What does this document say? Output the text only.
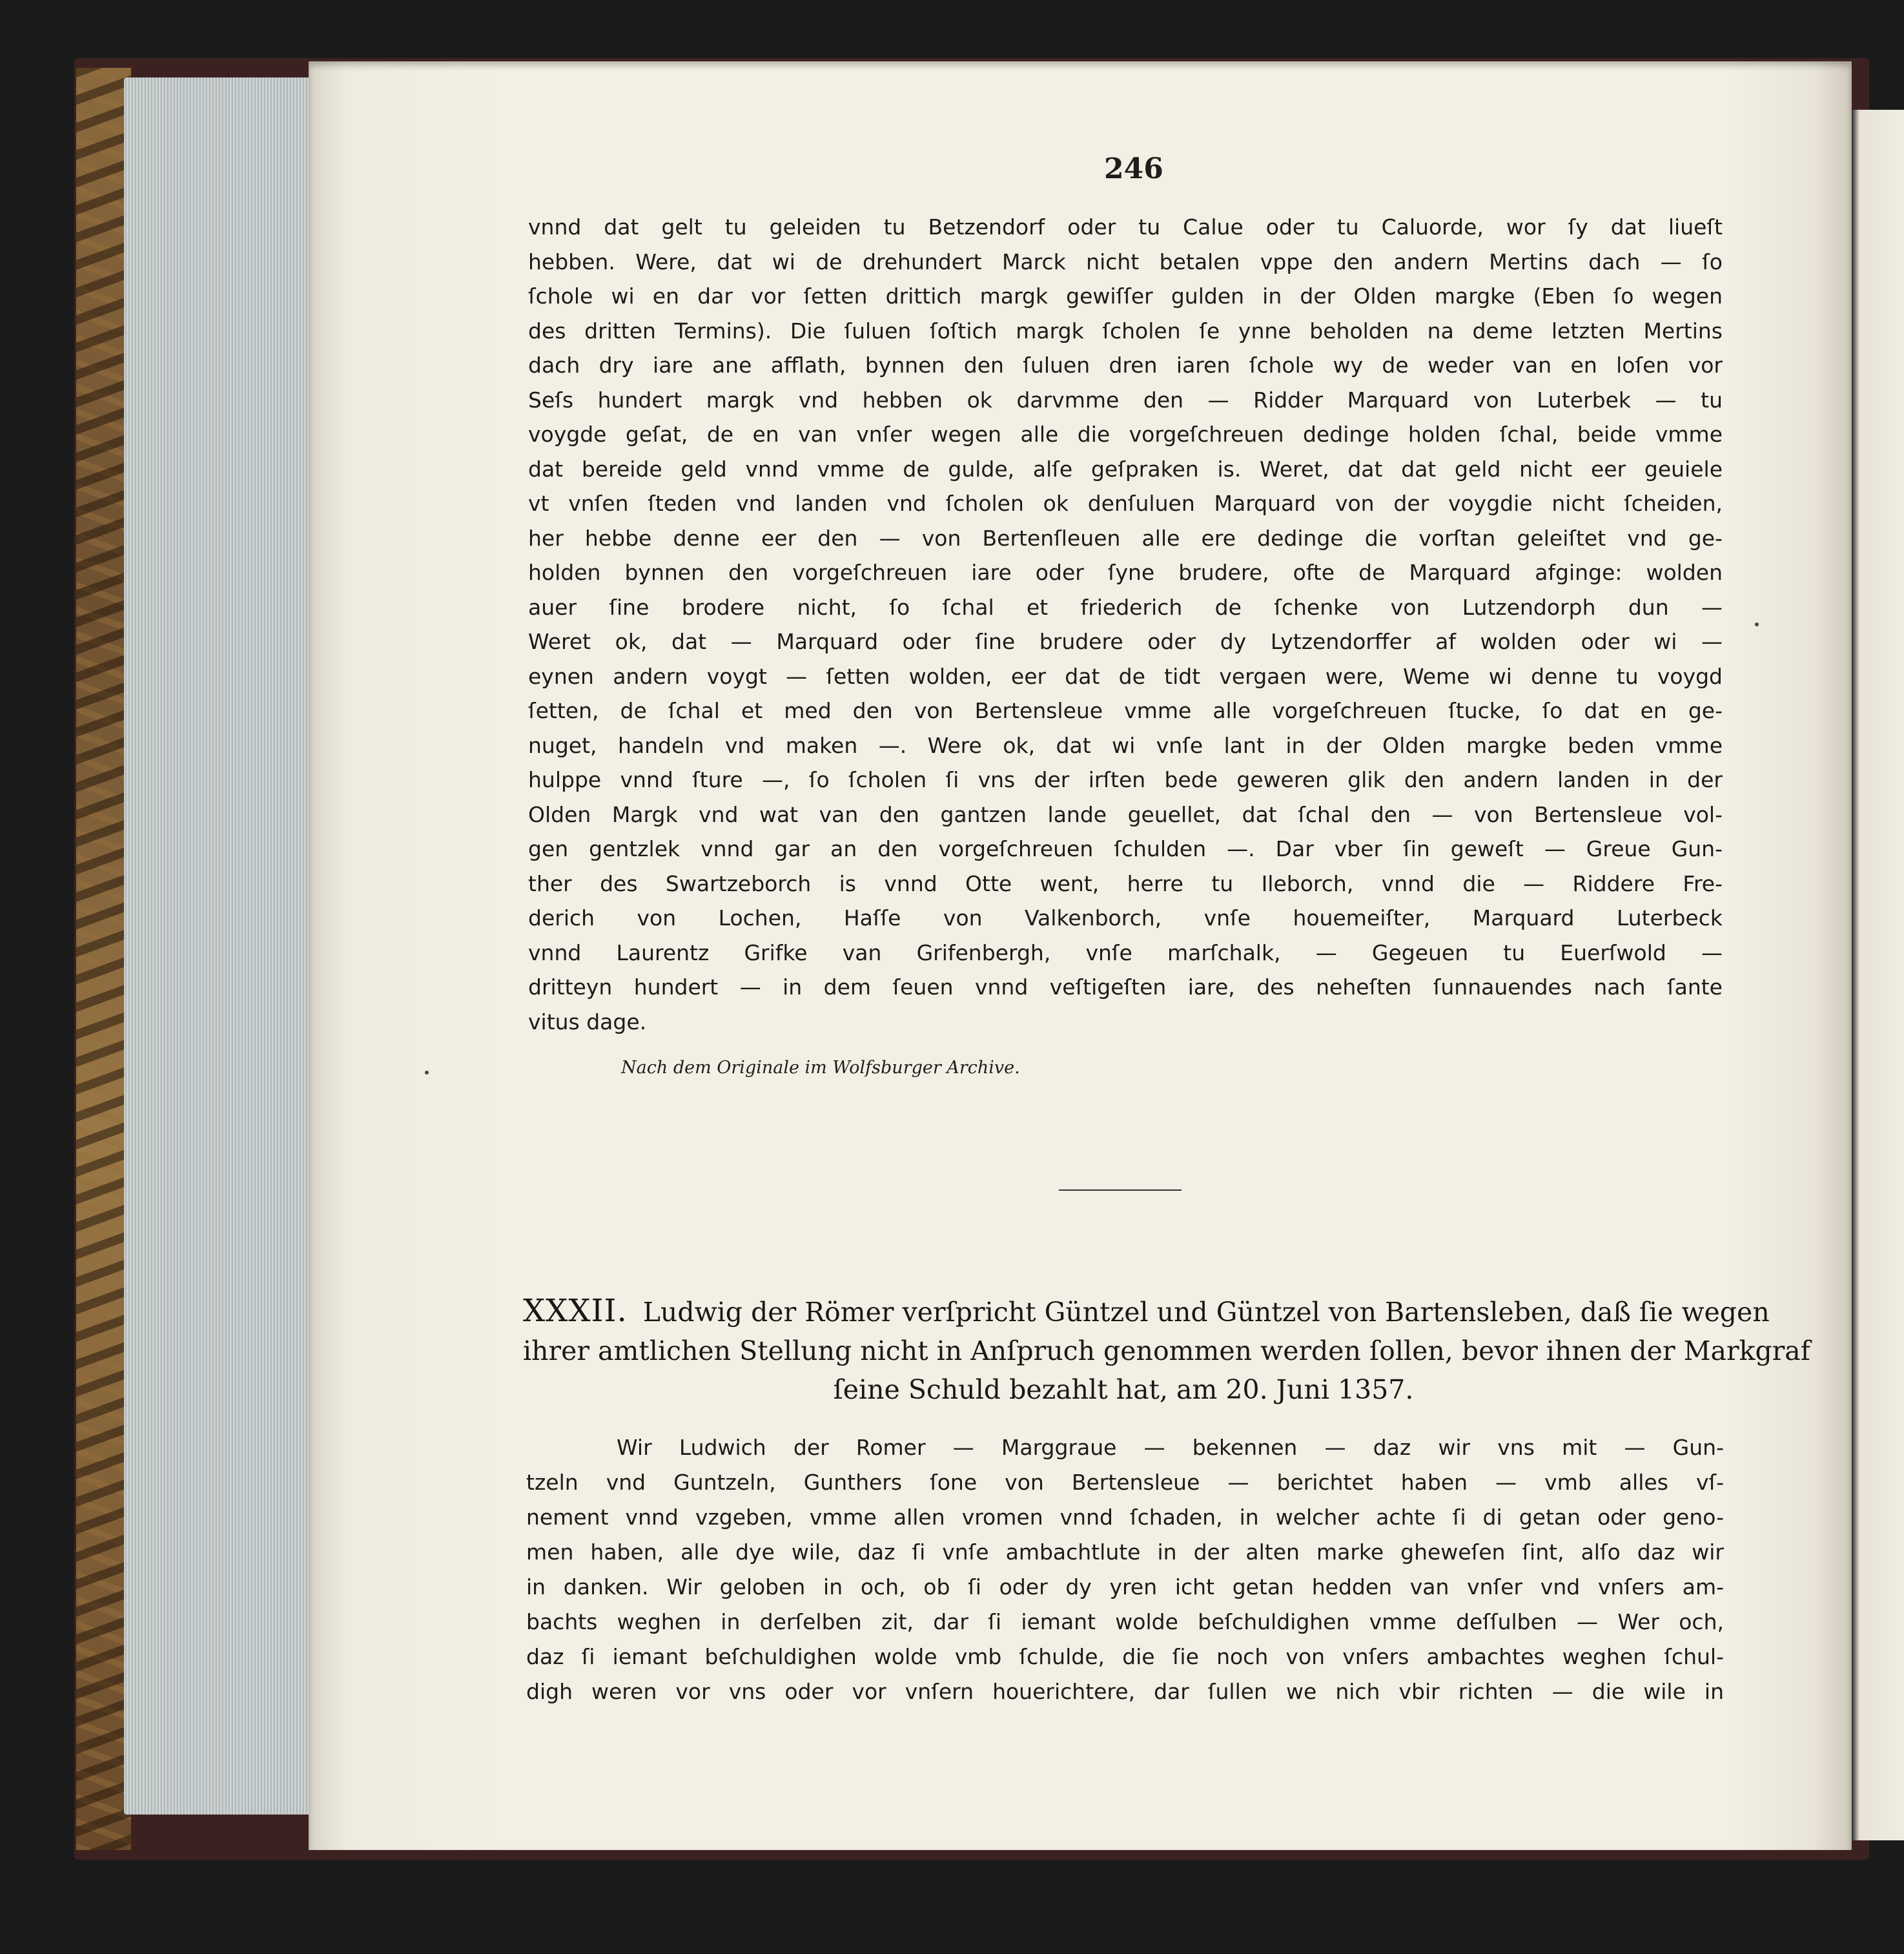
246
vnnd dat gelt tu geleiden tu Betzendorf oder tu Calue oder tu Caluorde, wor ſy dat liueſt
hebben. Were, dat wi de drehundert Marck nicht betalen vppe den andern Mertins dach — ſo
ſchole wi en dar vor ſetten drittich margk gewiſſer gulden in der Olden margke (Eben ſo wegen
des dritten Termins). Die ſuluen ſoſtich margk ſcholen ſe ynne beholden na deme letzten Mertins
dach dry iare ane afflath, bynnen den ſuluen dren iaren ſchole wy de weder van en loſen vor
Seſs hundert margk vnd hebben ok darvmme den — Ridder Marquard von Luterbek — tu
voygde geſat, de en van vnſer wegen alle die vorgeſchreuen dedinge holden ſchal, beide vmme
dat bereide geld vnnd vmme de gulde, alſe geſpraken is. Weret, dat dat geld nicht eer geuiele
vt vnſen ſteden vnd landen vnd ſcholen ok denſuluen Marquard von der voygdie nicht ſcheiden,
her hebbe denne eer den — von Bertenſleuen alle ere dedinge die vorſtan geleiſtet vnd ge-
holden bynnen den vorgeſchreuen iare oder ſyne brudere, ofte de Marquard afginge: wolden
auer ſine brodere nicht, ſo ſchal et friederich de ſchenke von Lutzendorph dun —
Weret ok, dat — Marquard oder ſine brudere oder dy Lytzendorffer af wolden oder wi —
eynen andern voygt — ſetten wolden, eer dat de tidt vergaen were, Weme wi denne tu voygd
ſetten, de ſchal et med den von Bertensleue vmme alle vorgeſchreuen ſtucke, ſo dat en ge-
nuget, handeln vnd maken —. Were ok, dat wi vnſe lant in der Olden margke beden vmme
hulppe vnnd ſture —, ſo ſcholen ſi vns der irſten bede geweren glik den andern landen in der
Olden Margk vnd wat van den gantzen lande geuellet, dat ſchal den — von Bertensleue vol-
gen gentzlek vnnd gar an den vorgeſchreuen ſchulden —. Dar vber ſin geweſt — Greue Gun-
ther des Swartzeborch is vnnd Otte went, herre tu Ileborch, vnnd die — Riddere Fre-
derich von Lochen, Haſſe von Valkenborch, vnſe houemeiſter, Marquard Luterbeck
vnnd Laurentz Grifke van Grifenbergh, vnſe marſchalk, — Gegeuen tu Euerſwold —
dritteyn hundert — in dem ſeuen vnnd veſtigeſten iare, des neheſten ſunnauendes nach ſante
vitus dage.
Nach dem Originale im Wolfsburger Archive.
XXXII. Ludwig der Römer verſpricht Güntzel und Güntzel von Bartensleben, daß ſie wegen
ihrer amtlichen Stellung nicht in Anſpruch genommen werden ſollen, bevor ihnen der Markgraf
ſeine Schuld bezahlt hat, am 20. Juni 1357.
Wir Ludwich der Romer — Marggraue — bekennen — daz wir vns mit — Gun-
tzeln vnd Guntzeln, Gunthers ſone von Bertensleue — berichtet haben — vmb alles vſ-
nement vnnd vzgeben, vmme allen vromen vnnd ſchaden, in welcher achte ſi di getan oder geno-
men haben, alle dye wile, daz ſi vnſe ambachtlute in der alten marke gheweſen ſint, alſo daz wir
in danken. Wir geloben in och, ob ſi oder dy yren icht getan hedden van vnſer vnd vnſers am-
bachts weghen in derſelben zit, dar ſi iemant wolde beſchuldighen vmme deſſulben — Wer och,
daz ſi iemant beſchuldighen wolde vmb ſchulde, die ſie noch von vnſers ambachtes weghen ſchul-
digh weren vor vns oder vor vnſern houerichtere, dar ſullen we nich vbir richten — die wile in
